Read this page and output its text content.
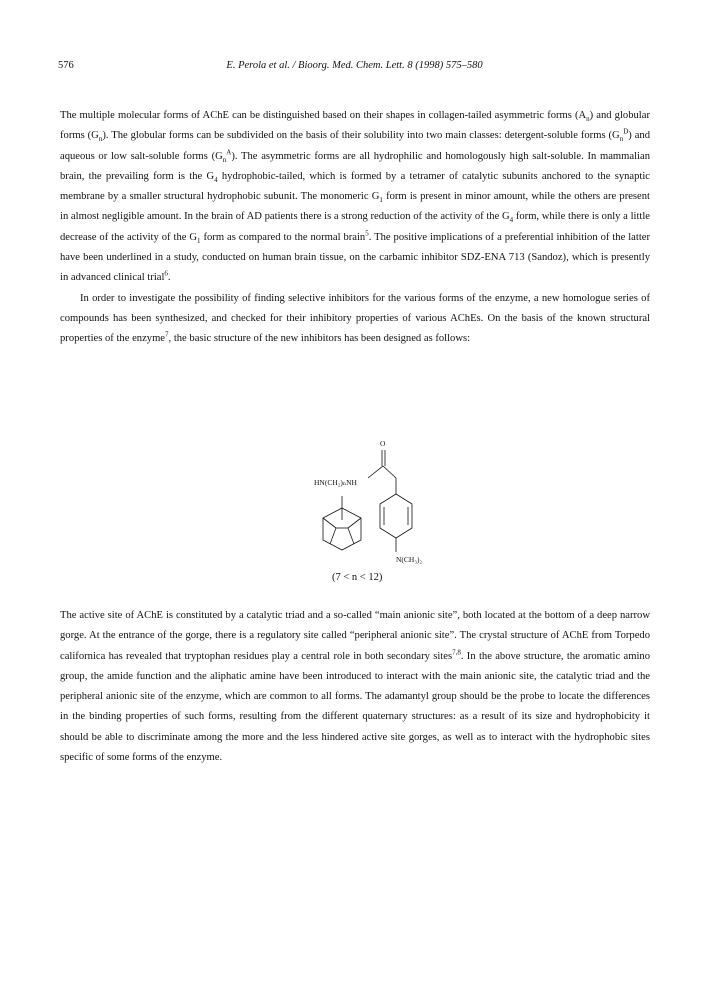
576	E. Perola et al. / Bioorg. Med. Chem. Lett. 8 (1998) 575–580

The multiple molecular forms of AChE can be distinguished based on their shapes in collagen-tailed asymmetric forms $(A_n)$ and globular forms $(G_n)$. The globular forms can be subdivided on the basis of their solubility into two main classes: detergent-soluble forms $(G_n^D)$ and aqueous or low salt-soluble forms $(G_n^A)$. The asymmetric forms are all hydrophilic and homologously high salt-soluble. In mammalian brain, the prevailing form is the $G_4$ hydrophobic-tailed, which is formed by a tetramer of catalytic subunits anchored to the synaptic membrane by a smaller structural hydrophobic subunit. The monomeric $G_1$ form is present in minor amount, while the others are present in almost negligible amount. In the brain of AD patients there is a strong reduction of the activity of the $G_4$ form, while there is only a little decrease of the activity of the $G_1$ form as compared to the normal brain$^5$. The positive implications of a preferential inhibition of the latter have been underlined in a study, conducted on human brain tissue, on the carbamic inhibitor SDZ-ENA 713 (Sandoz), which is presently in advanced clinical trial$^6$.

In order to investigate the possibility of finding selective inhibitors for the various forms of the enzyme, a new homologue series of compounds has been synthesized, and checked for their inhibitory properties of various AChEs. On the basis of the known structural properties of the enzyme$^7$, the basic structure of the new inhibitors has been designed as follows:

O
HN(CH₂)ₙNH
N(CH₃)₂
(7 < n < 12)

The active site of AChE is constituted by a catalytic triad and a so-called “main anionic site”, both located at the bottom of a deep narrow gorge. At the entrance of the gorge, there is a regulatory site called “peripheral anionic site”. The crystal structure of AChE from Torpedo californica has revealed that tryptophan residues play a central role in both secondary sites$^{7,8}$. In the above structure, the aromatic amino group, the amide function and the aliphatic amine have been introduced to interact with the main anionic site, the catalytic triad and the peripheral anionic site of the enzyme, which are common to all forms. The adamantyl group should be the probe to locate the differences in the binding properties of such forms, resulting from the different quaternary structures: as a result of its size and hydrophobicity it should be able to discriminate among the more and the less hindered active site gorges, as well as to interact with the hydrophobic sites specific of some forms of the enzyme.
